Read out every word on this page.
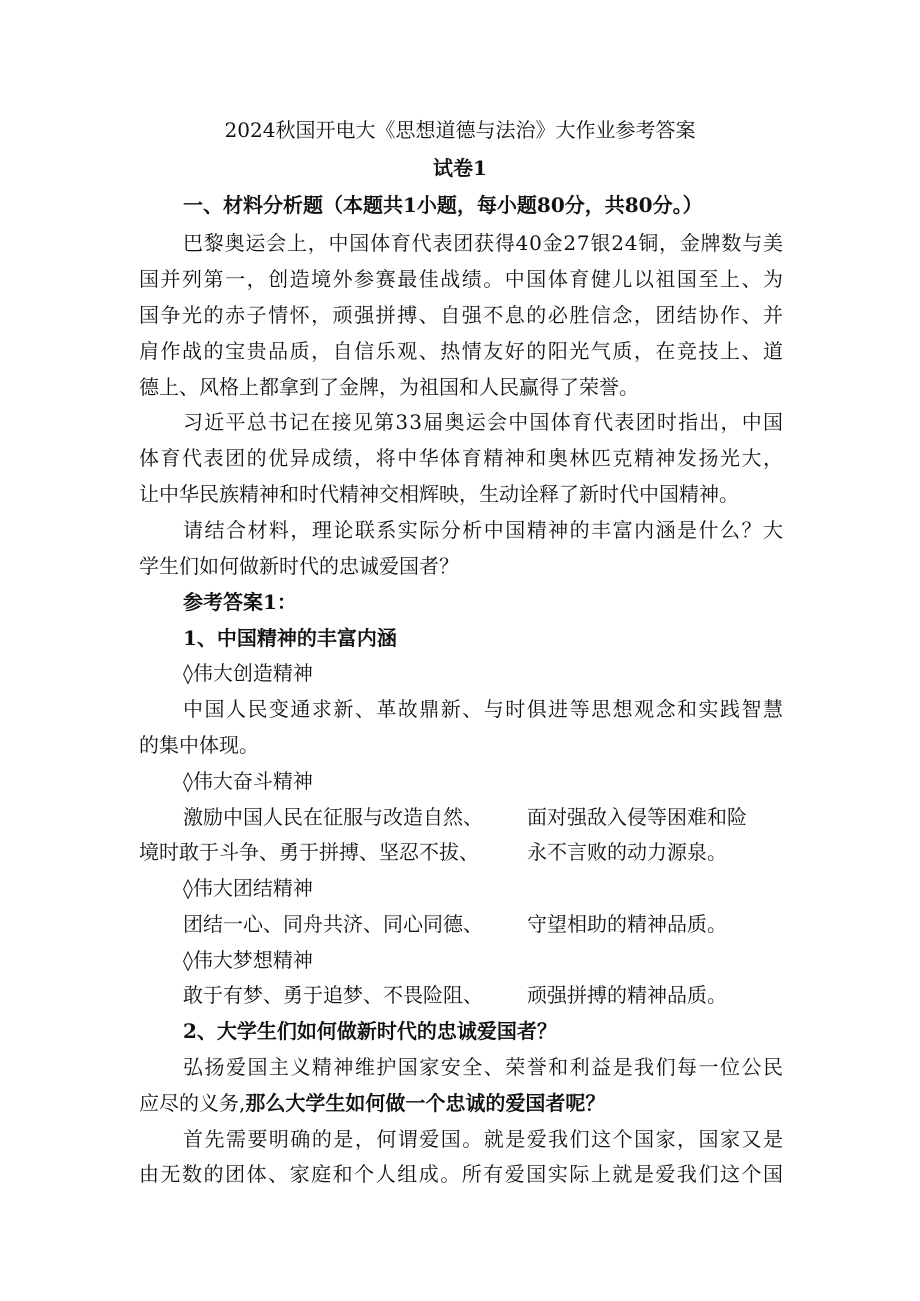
2024秋国开电大《思想道德与法治》大作业参考答案
试卷1
一、材料分析题（本题共1小题，每小题80分，共80分。）
巴黎奥运会上，中国体育代表团获得40金27银24铜，金牌数与美
国并列第一，创造境外参赛最佳战绩。中国体育健儿以祖国至上、为
国争光的赤子情怀，顽强拼搏、自强不息的必胜信念，团结协作、并
肩作战的宝贵品质，自信乐观、热情友好的阳光气质，在竞技上、道
德上、风格上都拿到了金牌，为祖国和人民赢得了荣誉。
习近平总书记在接见第33届奥运会中国体育代表团时指出，中国
体育代表团的优异成绩，将中华体育精神和奥林匹克精神发扬光大，
让中华民族精神和时代精神交相辉映，生动诠释了新时代中国精神。
请结合材料，理论联系实际分析中国精神的丰富内涵是什么？大
学生们如何做新时代的忠诚爱国者？
参考答案1：
1、中国精神的丰富内涵
◊伟大创造精神
中国人民变通求新、革故鼎新、与时俱进等思想观念和实践智慧
的集中体现。
◊伟大奋斗精神
激励中国人民在征服与改造自然、 面对强敌入侵等困难和险
境时敢于斗争、勇于拼搏、坚忍不拔、 永不言败的动力源泉。
◊伟大团结精神
团结一心、同舟共济、同心同德、 守望相助的精神品质。
◊伟大梦想精神
敢于有梦、勇于追梦、不畏险阻、 顽强拼搏的精神品质。
2、大学生们如何做新时代的忠诚爱国者？
弘扬爱国主义精神维护国家安全、荣誉和利益是我们每一位公民
应尽的义务,那么大学生如何做一个忠诚的爱国者呢？
首先需要明确的是，何谓爱国。就是爱我们这个国家，国家又是
由无数的团体、家庭和个人组成。所有爱国实际上就是爱我们这个国
